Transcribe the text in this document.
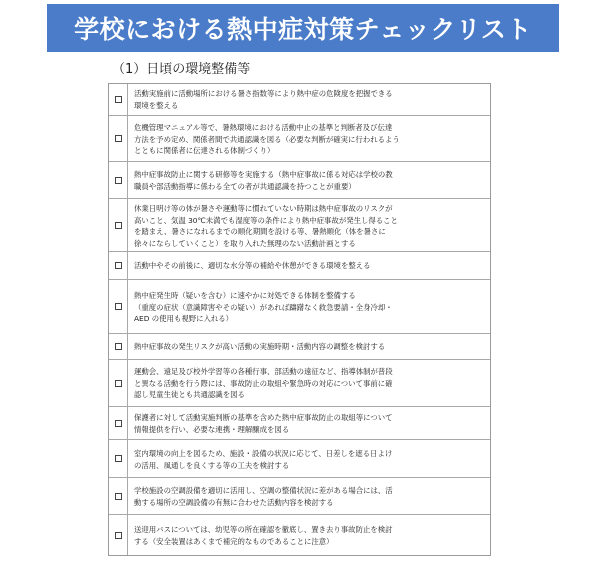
学校における熱中症対策チェックリスト
（1）日頃の環境整備等
活動実施前に活動場所における暑さ指数等により熱中症の危険度を把握できる
環境を整える
危機管理マニュアル等で、暑熱環境における活動中止の基準と判断者及び伝達
方法を予め定め、関係者間で共通認識を図る（必要な判断が確実に行われるよう
とともに関係者に伝達される体制づくり）
熱中症事故防止に関する研修等を実施する（熱中症事故に係る対応は学校の教
職員や部活動指導に係わる全ての者が共通認識を持つことが重要）
休業日明け等の体が暑さや運動等に慣れていない時期は熱中症事故のリスクが
高いこと、気温 30℃未満でも湿度等の条件により熱中症事故が発生し得ること
を踏まえ、暑さになれるまでの順化期間を設ける等、暑熱順化（体を暑さに
徐々にならしていくこと）を取り入れた無理のない活動計画とする
活動中やその前後に、適切な水分等の補給や休憩ができる環境を整える
熱中症発生時（疑いを含む）に速やかに対処できる体制を整備する
（重度の症状（意識障害やその疑い）があれば躊躇なく救急要請・全身冷却・
AED の使用も視野に入れる）
熱中症事故の発生リスクが高い活動の実施時期・活動内容の調整を検討する
運動会、遠足及び校外学習等の各種行事、部活動の遠征など、指導体制が普段
と異なる活動を行う際には、事故防止の取組や緊急時の対応について事前に確
認し児童生徒とも共通認識を図る
保護者に対して活動実施判断の基準を含めた熱中症事故防止の取組等について
情報提供を行い、必要な連携・理解醸成を図る
室内環境の向上を図るため、施設・設備の状況に応じて、日差しを遮る日よけ
の活用、風通しを良くする等の工夫を検討する
学校施設の空調設備を適切に活用し、空調の整備状況に差がある場合には、活
動する場所の空調設備の有無に合わせた活動内容を検討する
送迎用バスについては、幼児等の所在確認を徹底し、置き去り事故防止を検討
する（安全装置はあくまで補完的なものであることに注意）
